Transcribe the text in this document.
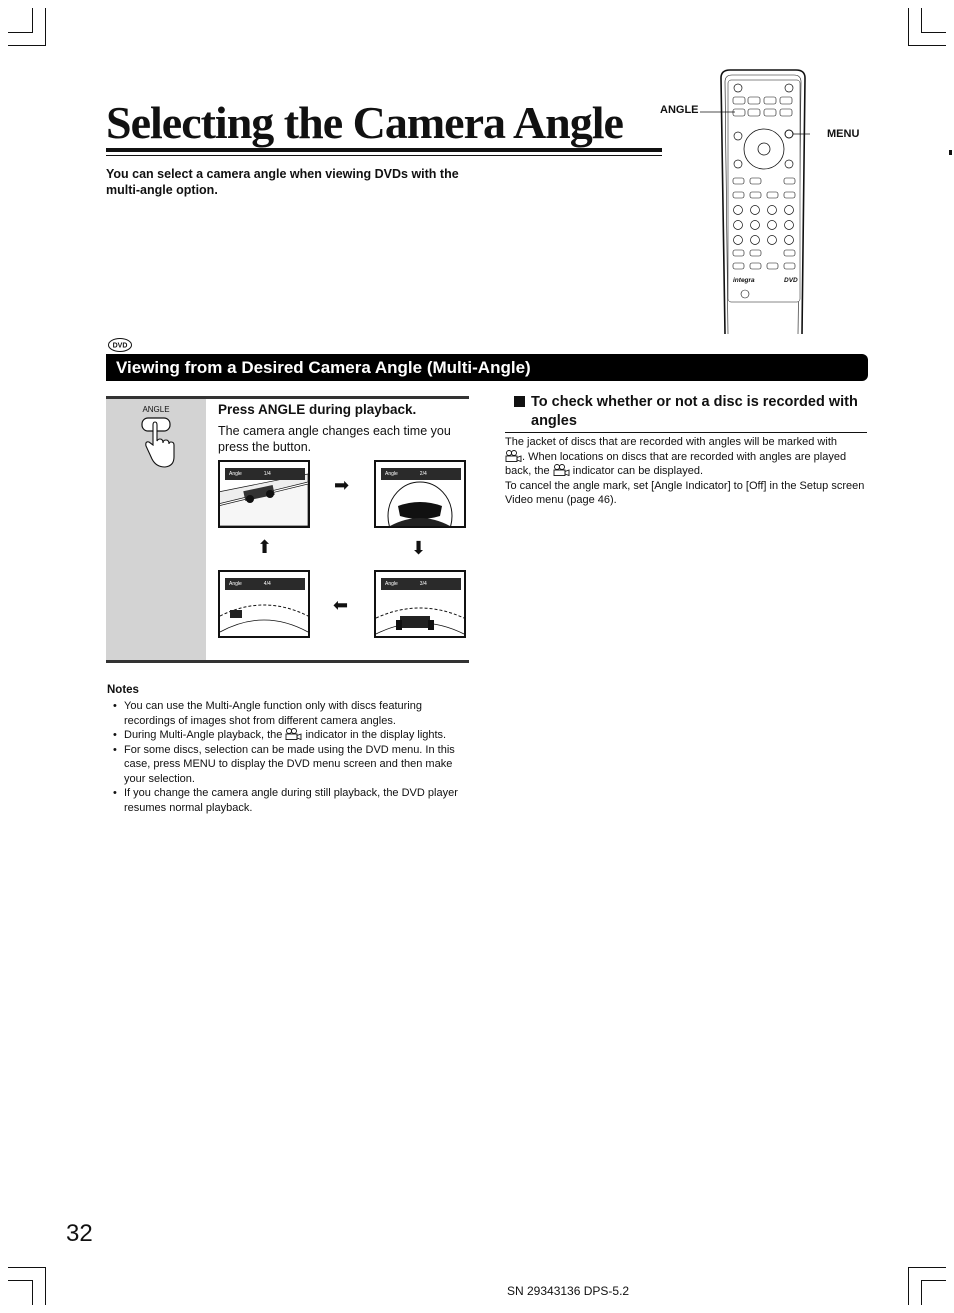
Selecting the Camera Angle
You can select a camera angle when viewing DVDs with the multi-angle option.
ANGLE
MENU
integra	DVD
DVD
Viewing from a Desired Camera Angle (Multi-Angle)
ANGLE	Press ANGLE during playback.
The camera angle changes each time you press the button.
Angle	1/4
➡
Angle	2/4
⬇
Angle	4/4
⬅
Angle	3/4
⬆
To check whether or not a disc is recorded with angles
The jacket of discs that are recorded with angles will be marked with
. When locations on discs that are recorded with angles are played back, the indicator can be displayed.
To cancel the angle mark, set [Angle Indicator] to [Off] in the Setup screen Video menu (page 46).
Notes
• You can use the Multi-Angle function only with discs featuring recordings of images shot from different camera angles.
• During Multi-Angle playback, the indicator in the display lights.
• For some discs, selection can be made using the DVD menu. In this case, press MENU to display the DVD menu screen and then make your selection.
• If you change the camera angle during still playback, the DVD player resumes normal playback.
32
SN 29343136 DPS-5.2
